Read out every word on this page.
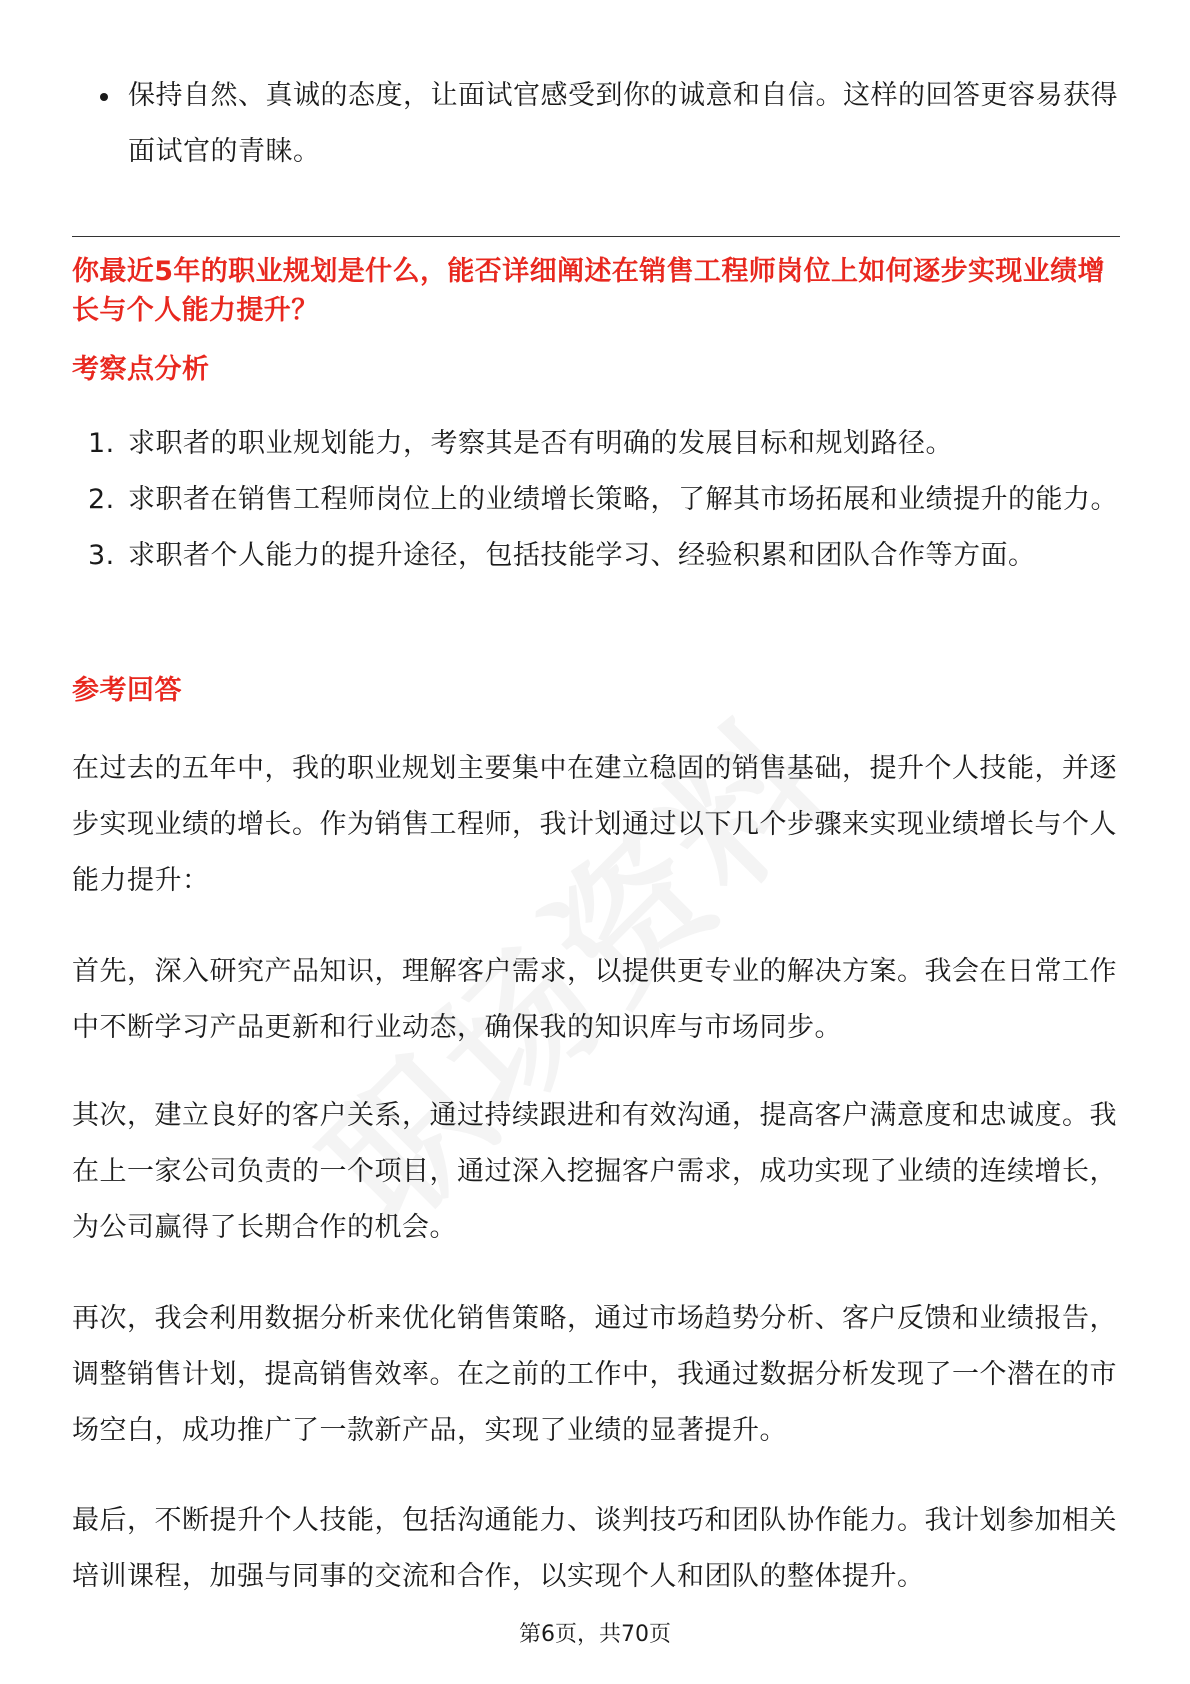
保持自然、真诚的态度，让面试官感受到你的诚意和自信。这样的回答更容易获得面试官的青睐。
你最近5年的职业规划是什么，能否详细阐述在销售工程师岗位上如何逐步实现业绩增长与个人能力提升？
考察点分析
1. 求职者的职业规划能力，考察其是否有明确的发展目标和规划路径。
2. 求职者在销售工程师岗位上的业绩增长策略，了解其市场拓展和业绩提升的能力。
3. 求职者个人能力的提升途径，包括技能学习、经验积累和团队合作等方面。
参考回答

在过去的五年中，我的职业规划主要集中在建立稳固的销售基础，提升个人技能，并逐步实现业绩的增长。作为销售工程师，我计划通过以下几个步骤来实现业绩增长与个人能力提升：

首先，深入研究产品知识，理解客户需求，以提供更专业的解决方案。我会在日常工作中不断学习产品更新和行业动态，确保我的知识库与市场同步。

其次，建立良好的客户关系，通过持续跟进和有效沟通，提高客户满意度和忠诚度。我在上一家公司负责的一个项目，通过深入挖掘客户需求，成功实现了业绩的连续增长，为公司赢得了长期合作的机会。

再次，我会利用数据分析来优化销售策略，通过市场趋势分析、客户反馈和业绩报告，调整销售计划，提高销售效率。在之前的工作中，我通过数据分析发现了一个潜在的市场空白，成功推广了一款新产品，实现了业绩的显著提升。

最后，不断提升个人技能，包括沟通能力、谈判技巧和团队协作能力。我计划参加相关培训课程，加强与同事的交流和合作，以实现个人和团队的整体提升。

第6页，共70页
